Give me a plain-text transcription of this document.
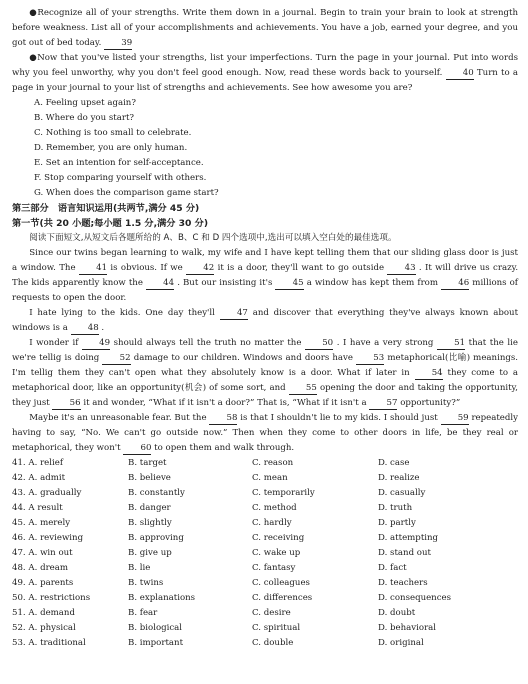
●Recognize all of your strengths. Write them down in a journal. Begin to train your brain to look at strength before weakness. List all of your accomplishments and achievements. You have a job, earned your degree, and you got out of bed today. 39

●Now that you've listed your strengths, list your imperfections. Turn the page in your journal. Put into words why you feel unworthy, why you don't feel good enough. Now, read these words back to yourself. 40 Turn to a page in your journal to your list of strengths and achievements. See how awesome you are?

A. Feeling upset again?

B. Where do you start?

C. Nothing is too small to celebrate.

D. Remember, you are only human.

E. Set an intention for self-acceptance.

F. Stop comparing yourself with others.

G. When does the comparison game start?

第三部分　语言知识运用(共两节,满分 45 分)

第一节(共 20 小题;每小题 1.5 分,满分 30 分)

阅读下面短文,从短文后各题所给的 A、B、C 和 D 四个选项中,选出可以填入空白处的最佳选项。

Since our twins began learning to walk, my wife and I have kept telling them that our sliding glass door is just a window. The 41 is obvious. If we 42 it is a door, they'll want to go outside 43 . It will drive us crazy. The kids apparently know the 44 . But our insisting it's 45 a window has kept them from 46 millions of requests to open the door.

I hate lying to the kids. One day they'll	47 and discover that everything they've always known about windows is a 48 .

I wonder if 49 should always tell the truth no matter the 50 . I have a very strong 51 that the lie we're tellig is doing 52 damage to our children. Windows and doors have 53 metaphorical(比喻) meanings. I'm tellig them they can't open what they absolutely know is a door. What if later in	54 they come to a metaphorical door, like an opportunity(机会) of some sort, and 55 opening the door and taking the opportunity, they just 56 it and wonder, “What if it isn't a door?” That is, “What if it isn't a 57 opportunity?”

Maybe it's an unreasonable fear. But the 58 is that I shouldn't lie to my kids. I should just 59 repeatedly having to say, “No. We can't go outside now.” Then when they come to other doors in life, be they real or metaphorical, they won't 60 to open them and walk through.

41. A. relief	B. target	C. reason	D. case
42. A. admit	B. believe	C. mean	D. realize
43. A. gradually	B. constantly	C. temporarily	D. casually
44. A result	B. danger	C. method	D. truth
45. A. merely	B. slightly	C. hardly	D. partly
46. A. reviewing	B. approving	C. receiving	D. attempting
47. A. win out	B. give up	C. wake up	D. stand out
48. A. dream	B. lie	C. fantasy	D. fact
49. A. parents	B. twins	C. colleagues	D. teachers
50. A. restrictions	B. explanations	C. differences	D. consequences
51. A. demand	B. fear	C. desire	D. doubt
52. A. physical	B. biological	C. spiritual	D. behavioral
53. A. traditional	B. important	C. double	D. original
